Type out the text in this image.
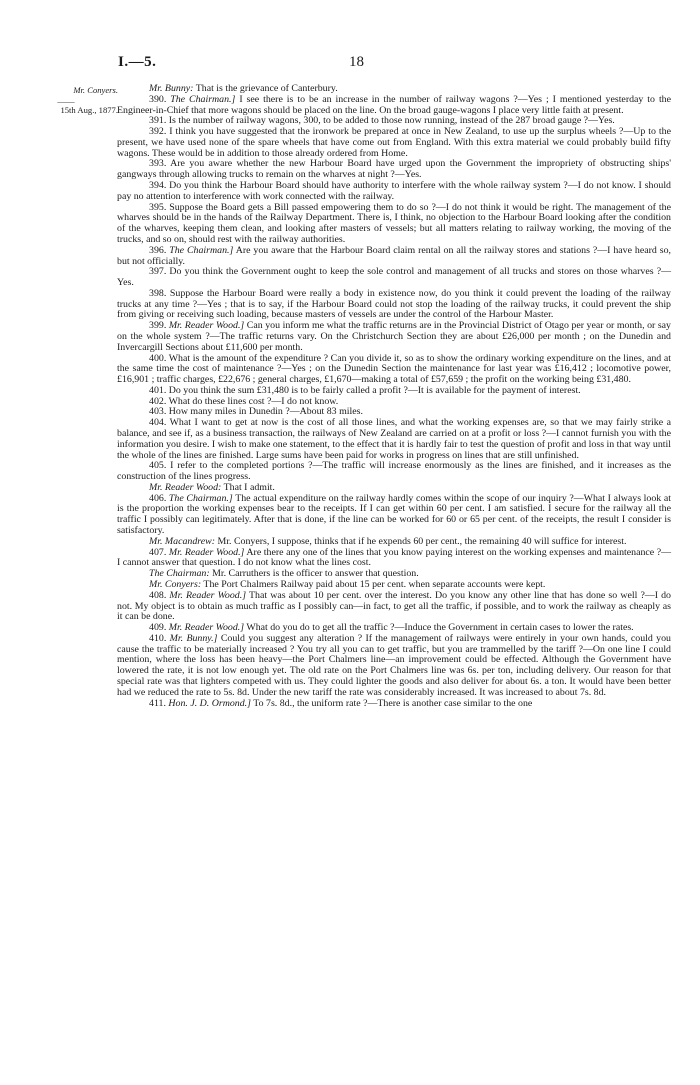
I.—5.	18
Mr. Conyers.
——
15th Aug., 1877.

Mr. Bunny: That is the grievance of Canterbury.

390. The Chairman.] I see there is to be an increase in the number of railway wagons ?—Yes ; I mentioned yesterday to the Engineer-in-Chief that more wagons should be placed on the line. On the broad gauge-wagons I place very little faith at present.

391. Is the number of railway wagons, 300, to be added to those now running, instead of the 287 broad gauge ?—Yes.

392. I think you have suggested that the ironwork be prepared at once in New Zealand, to use up the surplus wheels ?—Up to the present, we have used none of the spare wheels that have come out from England. With this extra material we could probably build fifty wagons. These would be in addition to those already ordered from Home.

393. Are you aware whether the new Harbour Board have urged upon the Government the impropriety of obstructing ships' gangways through allowing trucks to remain on the wharves at night ?—Yes.

394. Do you think the Harbour Board should have authority to interfere with the whole railway system ?—I do not know. I should pay no attention to interference with work connected with the railway.

395. Suppose the Board gets a Bill passed empowering them to do so ?—I do not think it would be right. The management of the wharves should be in the hands of the Railway Department. There is, I think, no objection to the Harbour Board looking after the condition of the wharves, keeping them clean, and looking after masters of vessels; but all matters relating to railway working, the moving of the trucks, and so on, should rest with the railway authorities.

396. The Chairman.] Are you aware that the Harbour Board claim rental on all the railway stores and stations ?—I have heard so, but not officially.

397. Do you think the Government ought to keep the sole control and management of all trucks and stores on those wharves ?—Yes.

398. Suppose the Harbour Board were really a body in existence now, do you think it could prevent the loading of the railway trucks at any time ?—Yes ; that is to say, if the Harbour Board could not stop the loading of the railway trucks, it could prevent the ship from giving or receiving such loading, because masters of vessels are under the control of the Harbour Master.

399. Mr. Reader Wood.] Can you inform me what the traffic returns are in the Provincial District of Otago per year or month, or say on the whole system ?—The traffic returns vary. On the Christchurch Section they are about £26,000 per month ; on the Dunedin and Invercargill Sections about £11,600 per month.

400. What is the amount of the expenditure ? Can you divide it, so as to show the ordinary working expenditure on the lines, and at the same time the cost of maintenance ?—Yes ; on the Dunedin Section the maintenance for last year was £16,412 ; locomotive power, £16,901 ; traffic charges, £22,676 ; general charges, £1,670—making a total of £57,659 ; the profit on the working being £31,480.

401. Do you think the sum £31,480 is to be fairly called a profit ?—It is available for the payment of interest.

402. What do these lines cost ?—I do not know.

403. How many miles in Dunedin ?—About 83 miles.

404. What I want to get at now is the cost of all those lines, and what the working expenses are, so that we may fairly strike a balance, and see if, as a business transaction, the railways of New Zealand are carried on at a profit or loss ?—I cannot furnish you with the information you desire. I wish to make one statement, to the effect that it is hardly fair to test the question of profit and loss in that way until the whole of the lines are finished. Large sums have been paid for works in progress on lines that are still unfinished.

405. I refer to the completed portions ?—The traffic will increase enormously as the lines are finished, and it increases as the construction of the lines progress.

Mr. Reader Wood: That I admit.

406. The Chairman.] The actual expenditure on the railway hardly comes within the scope of our inquiry ?—What I always look at is the proportion the working expenses bear to the receipts. If I can get within 60 per cent. I am satisfied. I secure for the railway all the traffic I possibly can legitimately. After that is done, if the line can be worked for 60 or 65 per cent. of the receipts, the result I consider is satisfactory.

Mr. Macandrew: Mr. Conyers, I suppose, thinks that if he expends 60 per cent., the remaining 40 will suffice for interest.

407. Mr. Reader Wood.] Are there any one of the lines that you know paying interest on the working expenses and maintenance ?—I cannot answer that question. I do not know what the lines cost.

The Chairman: Mr. Carruthers is the officer to answer that question.

Mr. Conyers: The Port Chalmers Railway paid about 15 per cent. when separate accounts were kept.

408. Mr. Reader Wood.] That was about 10 per cent. over the interest. Do you know any other line that has done so well ?—I do not. My object is to obtain as much traffic as I possibly can—in fact, to get all the traffic, if possible, and to work the railway as cheaply as it can be done.

409. Mr. Reader Wood.] What do you do to get all the traffic ?—Induce the Government in certain cases to lower the rates.

410. Mr. Bunny.] Could you suggest any alteration ? If the management of railways were entirely in your own hands, could you cause the traffic to be materially increased ? You try all you can to get traffic, but you are trammelled by the tariff ?—On one line I could mention, where the loss has been heavy—the Port Chalmers line—an improvement could be effected. Although the Government have lowered the rate, it is not low enough yet. The old rate on the Port Chalmers line was 6s. per ton, including delivery. Our reason for that special rate was that lighters competed with us. They could lighter the goods and also deliver for about 6s. a ton. It would have been better had we reduced the rate to 5s. 8d. Under the new tariff the rate was considerably increased. It was increased to about 7s. 8d.

411. Hon. J. D. Ormond.] To 7s. 8d., the uniform rate ?—There is another case similar to the one
